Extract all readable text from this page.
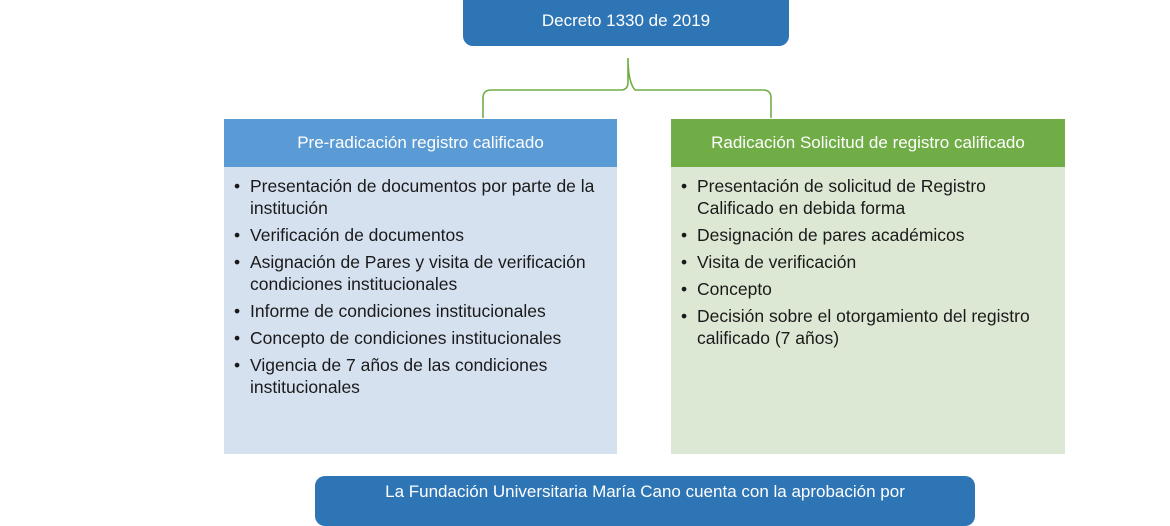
Decreto 1330 de 2019
Pre-radicación registro calificado
• Presentación de documentos por parte de la institución
• Verificación de documentos
• Asignación de Pares y visita de verificación condiciones institucionales
• Informe de condiciones institucionales
• Concepto de condiciones institucionales
• Vigencia de 7 años de las condiciones institucionales
Radicación Solicitud de registro calificado
• Presentación de solicitud de Registro Calificado en debida forma
• Designación de pares académicos
• Visita de verificación
• Concepto
• Decisión sobre el otorgamiento del registro calificado (7 años)
La Fundación Universitaria María Cano cuenta con la aprobación por
